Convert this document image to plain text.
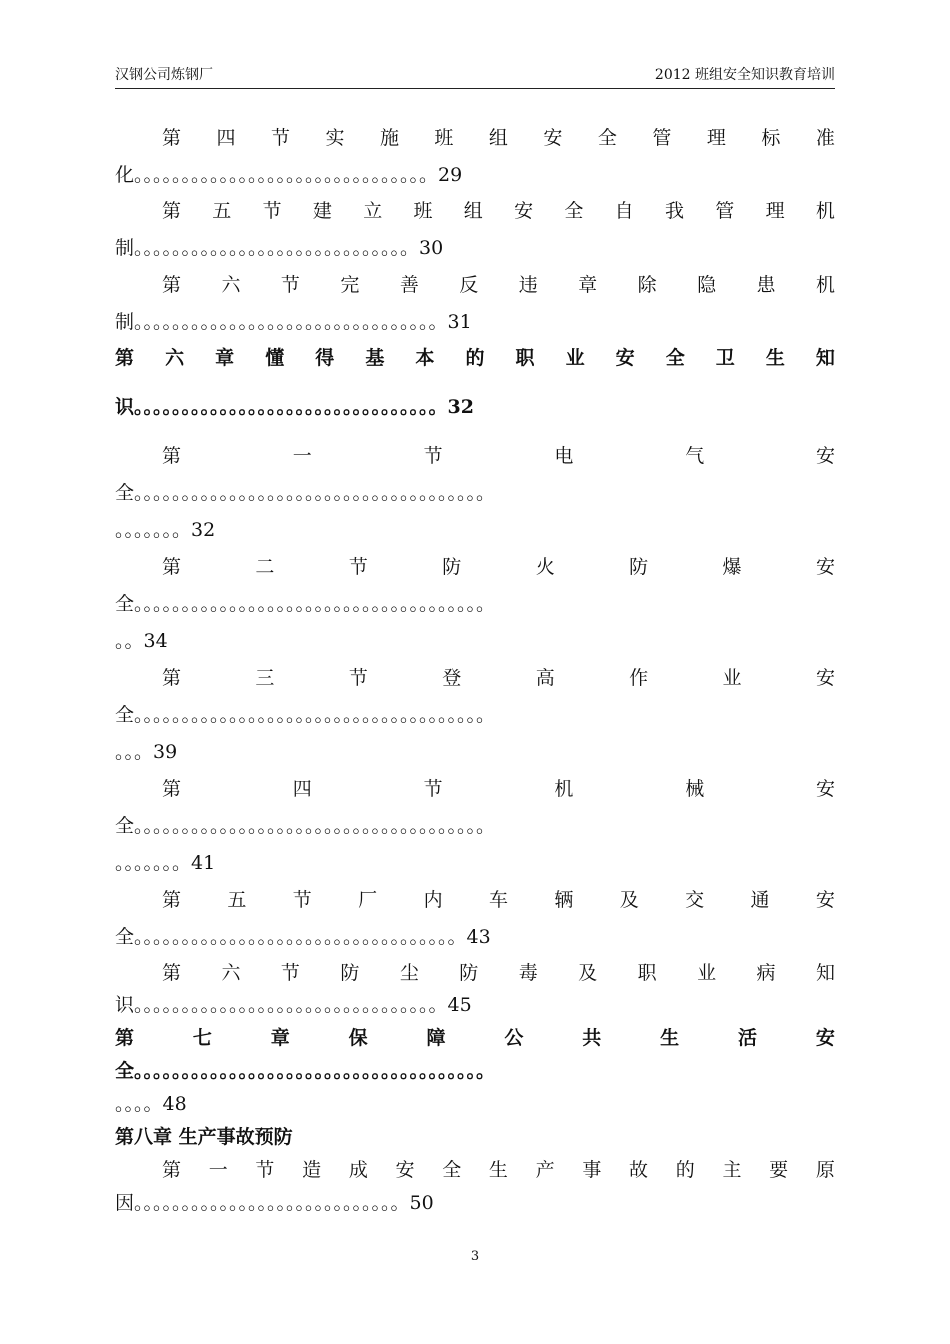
汉钢公司炼钢厂	2012 班组安全知识教育培训
第 四 节 实 施 班 组 安 全 管 理 标 准
化。。。。。。。。。。。。。。。。。。。。。。。。。。。。。。。29
第 五 节 建 立 班 组 安 全 自 我 管 理 机
制。。。。。。。。。。。。。。。。。。。。。。。。。。。。。30
第 六 节 完 善 反 违 章 除 隐 患 机
制。。。。。。。。。。。。。。。。。。。。。。。。。。。。。。。。31
第 六 章 懂 得 基 本 的 职 业 安 全 卫 生 知
识。。。。。。。。。。。。。。。。。。。。。。。。。。。。。。。。32
第	一	节	电	气	安
全。。。。。。。。。。。。。。。。。。。。。。。。。。。。。。。。。。。。。
。。。。。。。32
第	二	节	防	火	防	爆	安
全。。。。。。。。。。。。。。。。。。。。。。。。。。。。。。。。。。。。。
。。34
第	三	节	登	高	作	业	安
全。。。。。。。。。。。。。。。。。。。。。。。。。。。。。。。。。。。。。
。。。39
第	四	节	机	械	安
全。。。。。。。。。。。。。。。。。。。。。。。。。。。。。。。。。。。。。
。。。。。。。41
第 五 节 厂 内 车 辆 及 交 通 安
全。。。。。。。。。。。。。。。。。。。。。。。。。。。。。。。。。。43
第 六 节 防 尘 防 毒 及 职 业 病 知
识。。。。。。。。。。。。。。。。。。。。。。。。。。。。。。。。45
第	七	章	保	障	公	共	生	活	安
全。。。。。。。。。。。。。。。。。。。。。。。。。。。。。。。。。。。。。
。。。。48
第八章 生产事故预防
第 一 节 造 成 安 全 生 产 事 故 的 主 要 原
因。。。。。。。。。。。。。。。。。。。。。。。。。。。。50
3
